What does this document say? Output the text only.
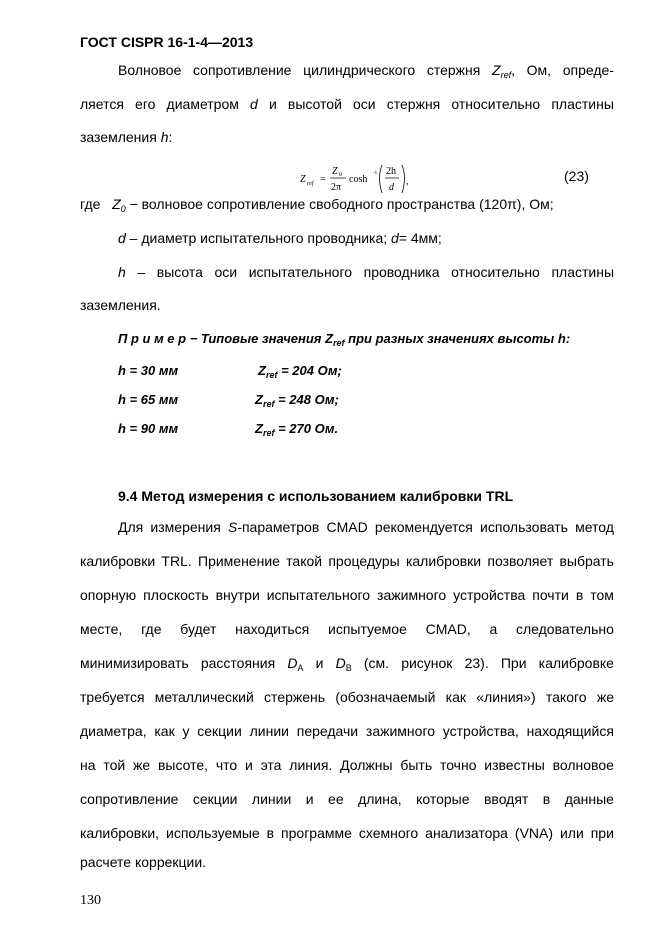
ГОСТ CISPR 16-1-4—2013
Волновое сопротивление цилиндрического стержня $Z_{ref}$, Ом, опреде-
ляется его диаметром d и высотой оси стержня относительно пластины
заземления h:
Z ref =
Z 0
2π
cosh
-1 2h
d
,	(23)
где $Z_0$ − волновое сопротивление свободного пространства (120π), Ом;
d – диаметр испытательного проводника; d= 4мм;
h – высота оси испытательного проводника относительно пластины
заземления.
П р и м е р − Типовые значения $Z_{ref}$ при разных значениях высоты h:
h = 30 мм	$Z_{ref} = 204$ Ом;
h = 65 мм	$Z_{ref} = 248$ Ом;
h = 90 мм	$Z_{ref} = 270$ Ом.
9.4 Метод измерения с использованием калибровки TRL
Для измерения S-параметров CMAD рекомендуется использовать метод
калибровки TRL. Применение такой процедуры калибровки позволяет выбрать
опорную плоскость внутри испытательного зажимного устройства почти в том
месте, где будет находиться испытуемое CMAD, а следовательно
минимизировать расстояния $D_A$ и $D_B$ (см. рисунок 23). При калибровке
требуется металлический стержень (обозначаемый как «линия») такого же
диаметра, как у секции линии передачи зажимного устройства, находящийся
на той же высоте, что и эта линия. Должны быть точно известны волновое
сопротивление секции линии и ее длина, которые вводят в данные
калибровки, используемые в программе схемного анализатора (VNA) или при
расчете коррекции.
130
